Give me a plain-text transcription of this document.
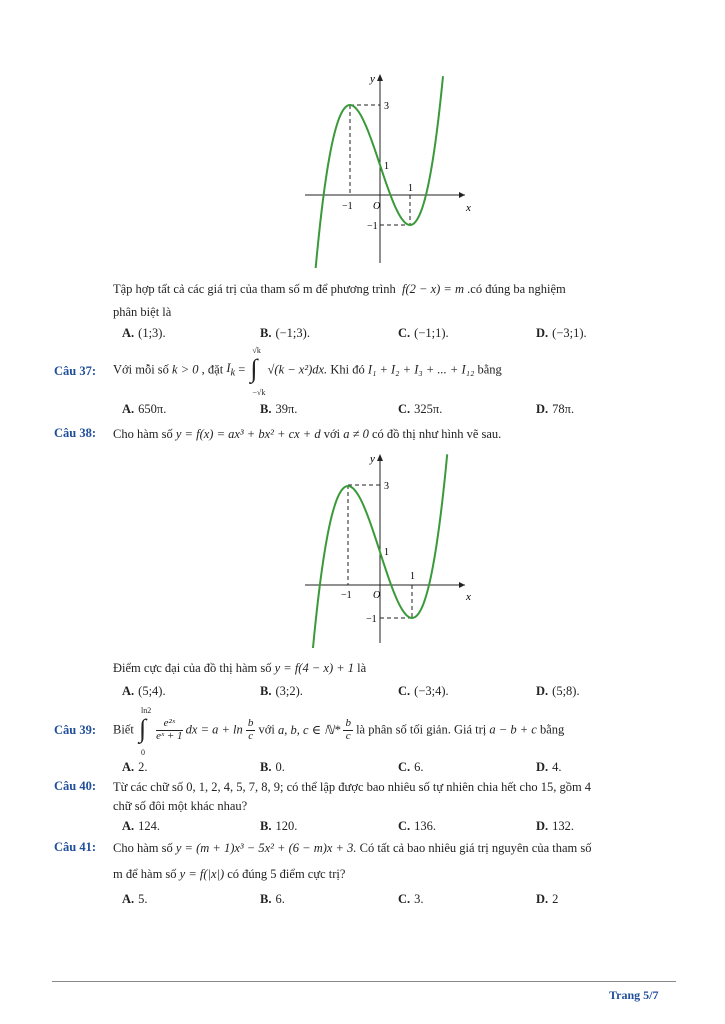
y
x
O
−1
1
3
1
−1
Tập hợp tất cả các giá trị của tham số m để phương trình f(2 − x) = m .có đúng ba nghiệm
phân biệt là
A. (1;3).	B. (−1;3).	C. (−1;1).	D. (−3;1).
Câu 37: Với mỗi số k > 0 , đặt $I_k$ = ∫
√k
−√k
√(k − x²)dx. Khi đó I₁ + I₂ + I₃ + ... + I₁₂ bằng
A. 650π.	B. 39π.	C. 325π.	D. 78π.
Câu 38: Cho hàm số y = f(x) = ax³ + bx² + cx + d với a ≠ 0 có đồ thị như hình vẽ sau.
y
x
O
−1
1
3
1
−1
Điểm cực đại của đồ thị hàm số y = f(4 − x) + 1 là
A. (5;4).	B. (3;2).	C. (−3;4).	D. (5;8).
Câu 39: Biết ∫
ln2
0

$\frac{\text{e²ˣ}}{\text{eˣ + 1}}$ dx = $a + \ln \frac{b}{c}$ với a, b, c ∈ ℕ* $\frac{b}{c}$ là phân số tối giản. Giá trị a − b + c bằng
A. 2.	B. 0.	C. 6.	D. 4.
Câu 40: Từ các chữ số 0, 1, 2, 4, 5, 7, 8, 9; có thể lập được bao nhiêu số tự nhiên chia hết cho 15, gồm 4
chữ số đôi một khác nhau?
A. 124.	B. 120.	C. 136.	D. 132.
Câu 41: Cho hàm số y = (m + 1)x³ − 5x² + (6 − m)x + 3. Có tất cả bao nhiêu giá trị nguyên của tham số
m để hàm số y = f(|x|) có đúng 5 điểm cực trị?
A. 5.	B. 6.	C. 3.	D. 2
Trang 5/7
